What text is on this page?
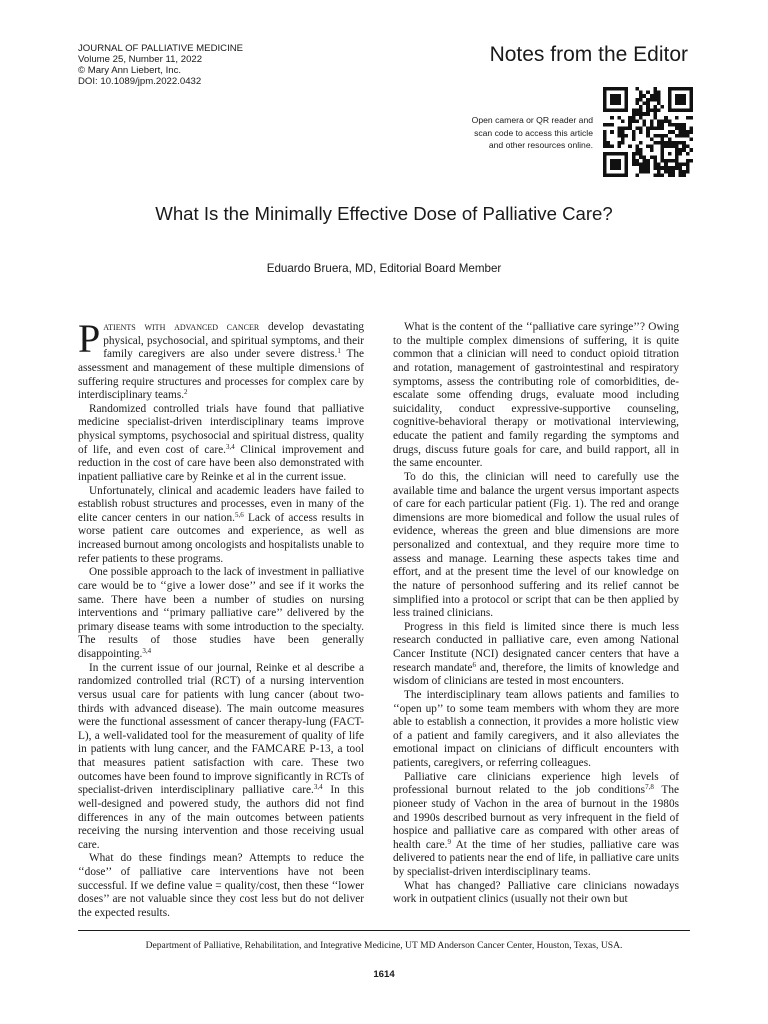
JOURNAL OF PALLIATIVE MEDICINE
Volume 25, Number 11, 2022
© Mary Ann Liebert, Inc.
DOI: 10.1089/jpm.2022.0432
Notes from the Editor
Open camera or QR reader and
scan code to access this article
and other resources online.
What Is the Minimally Effective Dose of Palliative Care?
Eduardo Bruera, MD, Editorial Board Member

Patients with advanced cancer develop devastating physical, psychosocial, and spiritual symptoms, and their family caregivers are also under severe distress.$^1$ The assessment and management of these multiple dimensions of suffering require structures and processes for complex care by interdisciplinary teams.$^2$

Randomized controlled trials have found that palliative medicine specialist-driven interdisciplinary teams improve physical symptoms, psychosocial and spiritual distress, quality of life, and even cost of care.$^{3,4}$ Clinical improvement and reduction in the cost of care have been also demonstrated with inpatient palliative care by Reinke et al in the current issue.

Unfortunately, clinical and academic leaders have failed to establish robust structures and processes, even in many of the elite cancer centers in our nation.$^{5,6}$ Lack of access results in worse patient care outcomes and experience, as well as increased burnout among oncologists and hospitalists unable to refer patients to these programs.

One possible approach to the lack of investment in palliative care would be to ‘‘give a lower dose’’ and see if it works the same. There have been a number of studies on nursing interventions and ‘‘primary palliative care’’ delivered by the primary disease teams with some introduction to the specialty. The results of those studies have been generally disappointing.$^{3,4}$

In the current issue of our journal, Reinke et al describe a randomized controlled trial (RCT) of a nursing intervention versus usual care for patients with lung cancer (about two-thirds with advanced disease). The main outcome measures were the functional assessment of cancer therapy-lung (FACT-L), a well-validated tool for the measurement of quality of life in patients with lung cancer, and the FAMCARE P-13, a tool that measures patient satisfaction with care. These two outcomes have been found to improve significantly in RCTs of specialist-driven interdisciplinary palliative care.$^{3,4}$ In this well-designed and powered study, the authors did not find differences in any of the main outcomes between patients receiving the nursing intervention and those receiving usual care.

What do these findings mean? Attempts to reduce the ‘‘dose’’ of palliative care interventions have not been successful. If we define value = quality/cost, then these ‘‘lower doses’’ are not valuable since they cost less but do not deliver the expected results.

What is the content of the ‘‘palliative care syringe’’? Owing to the multiple complex dimensions of suffering, it is quite common that a clinician will need to conduct opioid titration and rotation, management of gastrointestinal and respiratory symptoms, assess the contributing role of comorbidities, de-escalate some offending drugs, evaluate mood including suicidality, conduct expressive-supportive counseling, cognitive-behavioral therapy or motivational interviewing, educate the patient and family regarding the symptoms and drugs, discuss future goals for care, and build rapport, all in the same encounter.

To do this, the clinician will need to carefully use the available time and balance the urgent versus important aspects of care for each particular patient (Fig. 1). The red and orange dimensions are more biomedical and follow the usual rules of evidence, whereas the green and blue dimensions are more personalized and contextual, and they require more time to assess and manage. Learning these aspects takes time and effort, and at the present time the level of our knowledge on the nature of personhood suffering and its relief cannot be simplified into a protocol or script that can be then applied by less trained clinicians.

Progress in this field is limited since there is much less research conducted in palliative care, even among National Cancer Institute (NCI) designated cancer centers that have a research mandate$^6$ and, therefore, the limits of knowledge and wisdom of clinicians are tested in most encounters.

The interdisciplinary team allows patients and families to ‘‘open up’’ to some team members with whom they are more able to establish a connection, it provides a more holistic view of a patient and family caregivers, and it also alleviates the emotional impact on clinicians of difficult encounters with patients, caregivers, or referring colleagues.

Palliative care clinicians experience high levels of professional burnout related to the job conditions$^{7,8}$ The pioneer study of Vachon in the area of burnout in the 1980s and 1990s described burnout as very infrequent in the field of hospice and palliative care as compared with other areas of health care.$^9$ At the time of her studies, palliative care was delivered to patients near the end of life, in palliative care units by specialist-driven interdisciplinary teams.

What has changed? Palliative care clinicians nowadays work in outpatient clinics (usually not their own but

Department of Palliative, Rehabilitation, and Integrative Medicine, UT MD Anderson Cancer Center, Houston, Texas, USA.
1614
